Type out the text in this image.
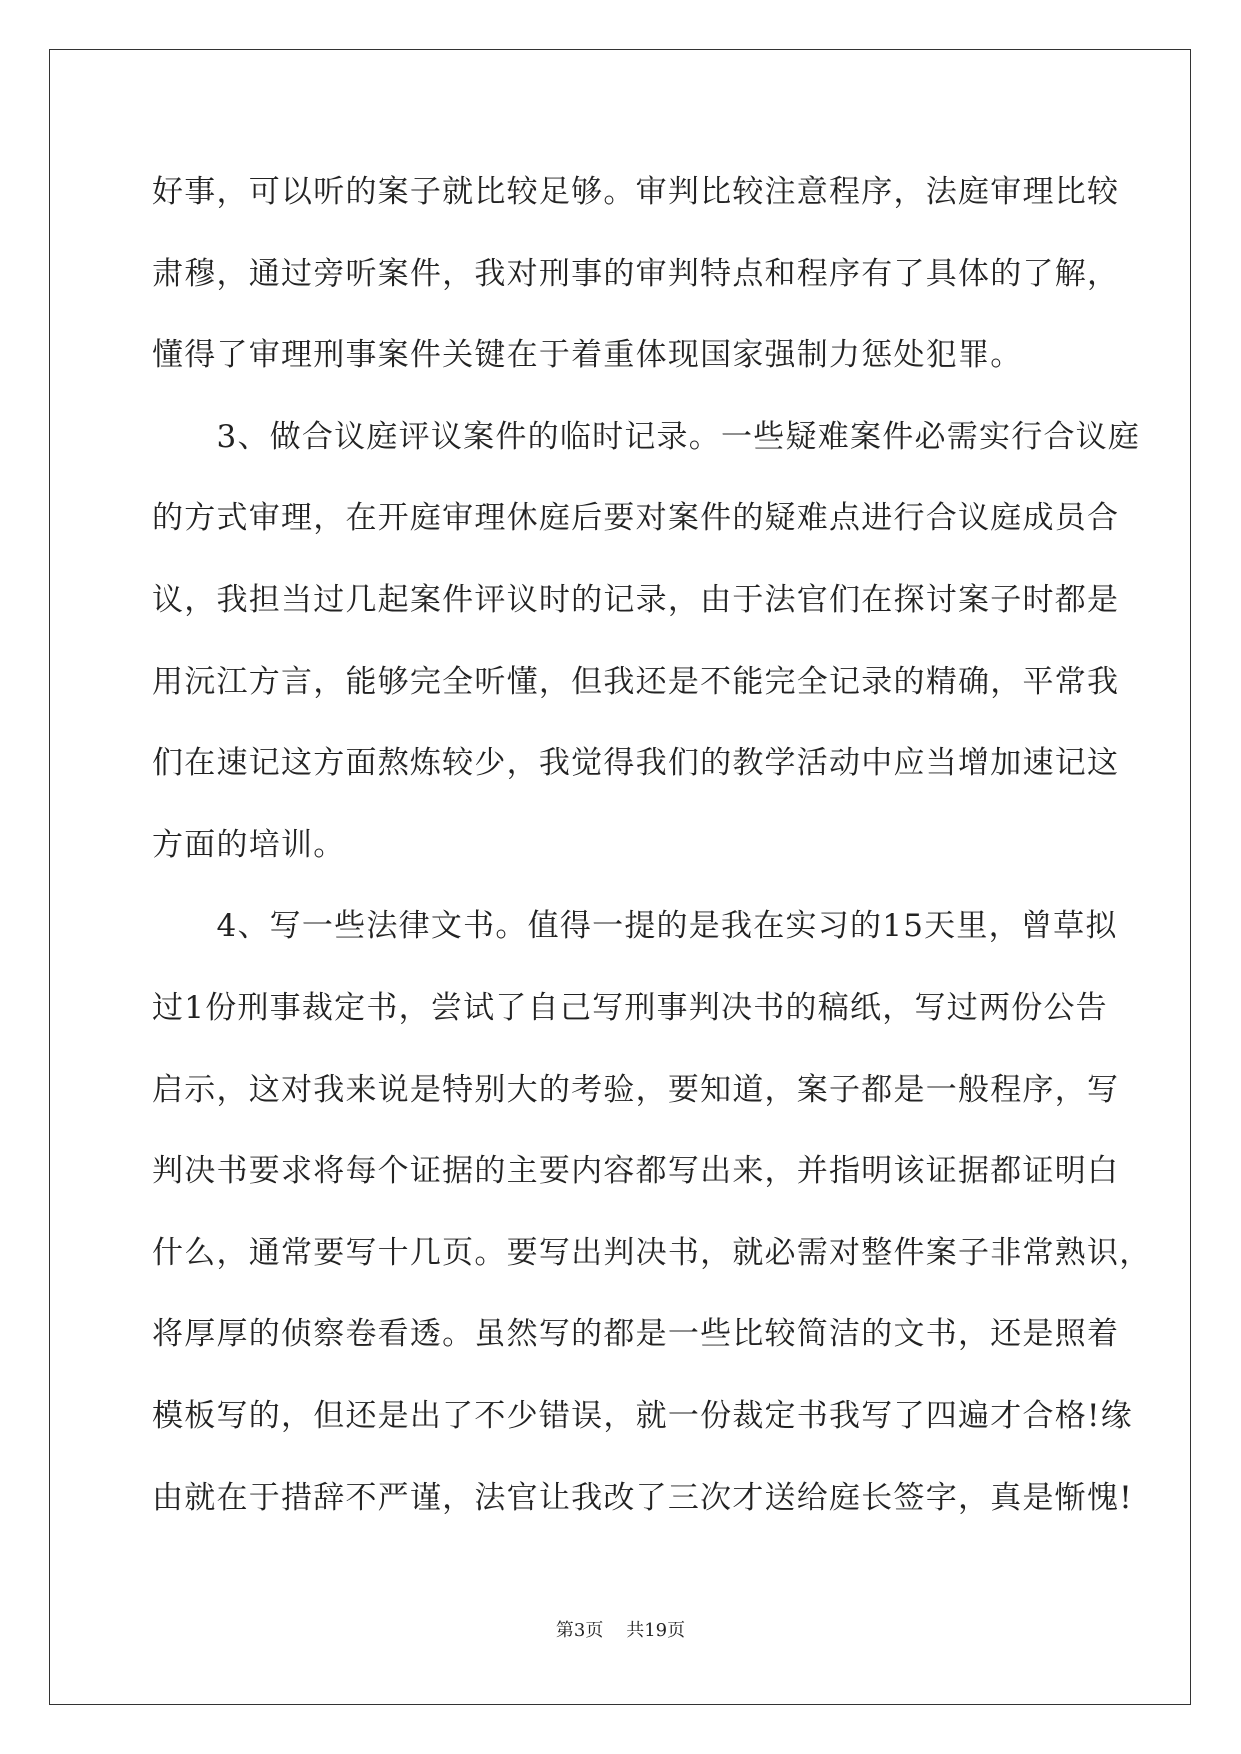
好事，可以听的案子就比较足够。审判比较注意程序，法庭审理比较
肃穆，通过旁听案件，我对刑事的审判特点和程序有了具体的了解，
懂得了审理刑事案件关键在于着重体现国家强制力惩处犯罪。
　　3、做合议庭评议案件的临时记录。一些疑难案件必需实行合议庭
的方式审理，在开庭审理休庭后要对案件的疑难点进行合议庭成员合
议，我担当过几起案件评议时的记录，由于法官们在探讨案子时都是
用沅江方言，能够完全听懂，但我还是不能完全记录的精确，平常我
们在速记这方面熬炼较少，我觉得我们的教学活动中应当增加速记这
方面的培训。
　　4、写一些法律文书。值得一提的是我在实习的15天里，曾草拟
过1份刑事裁定书，尝试了自己写刑事判决书的稿纸，写过两份公告
启示，这对我来说是特别大的考验，要知道，案子都是一般程序，写
判决书要求将每个证据的主要内容都写出来，并指明该证据都证明白
什么，通常要写十几页。要写出判决书，就必需对整件案子非常熟识，
将厚厚的侦察卷看透。虽然写的都是一些比较简洁的文书，还是照着
模板写的，但还是出了不少错误，就一份裁定书我写了四遍才合格!缘
由就在于措辞不严谨，法官让我改了三次才送给庭长签字，真是惭愧!
第3页 共19页
